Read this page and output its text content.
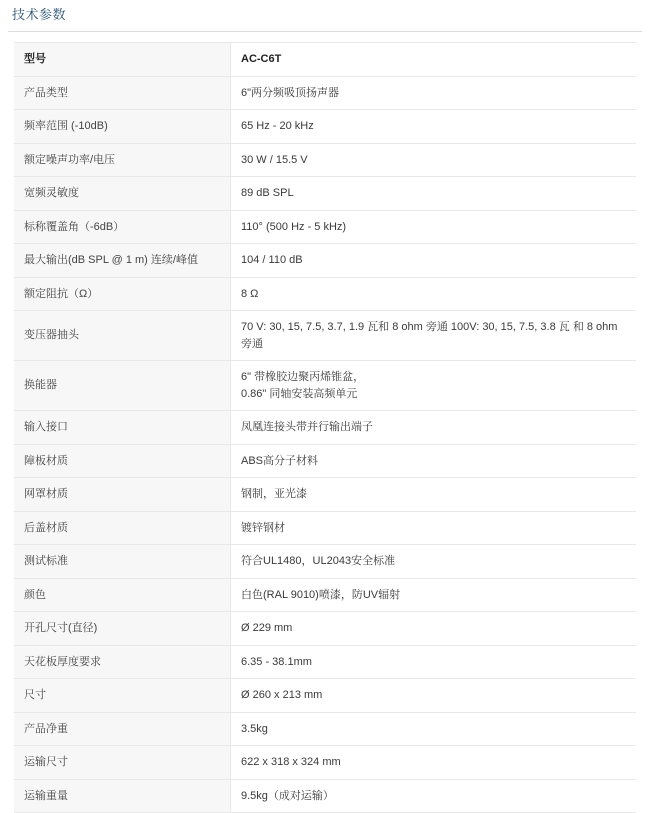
技术参数
型号	AC-C6T

产品类型	6"两分频吸顶扬声器

频率范围 (-10dB)	65 Hz - 20 kHz

额定噪声功率/电压	30 W / 15.5 V

宽频灵敏度	89 dB SPL

标称覆盖角（-6dB）	110° (500 Hz - 5 kHz)

最大输出(dB SPL @ 1 m) 连续/峰值	104 / 110 dB

额定阻抗（Ω）	8 Ω

变压器抽头	70 V: 30, 15, 7.5, 3.7, 1.9 瓦和 8 ohm 旁通 100V: 30, 15, 7.5, 3.8 瓦 和 8 ohm 旁通

换能器	6" 带橡胶边聚丙烯锥盆，
0.86" 同轴安装高频单元

输入接口	凤凰连接头带并行输出端子

障板材质	ABS高分子材料

网罩材质	钢制，亚光漆

后盖材质	镀锌钢材

测试标准	符合UL1480，UL2043安全标准

颜色	白色(RAL 9010)喷漆，防UV辐射

开孔尺寸(直径)	Ø 229 mm

天花板厚度要求	6.35 - 38.1mm

尺寸	Ø 260 x 213 mm

产品净重	3.5kg

运输尺寸	622 x 318 x 324 mm

运输重量	9.5kg（成对运输）
